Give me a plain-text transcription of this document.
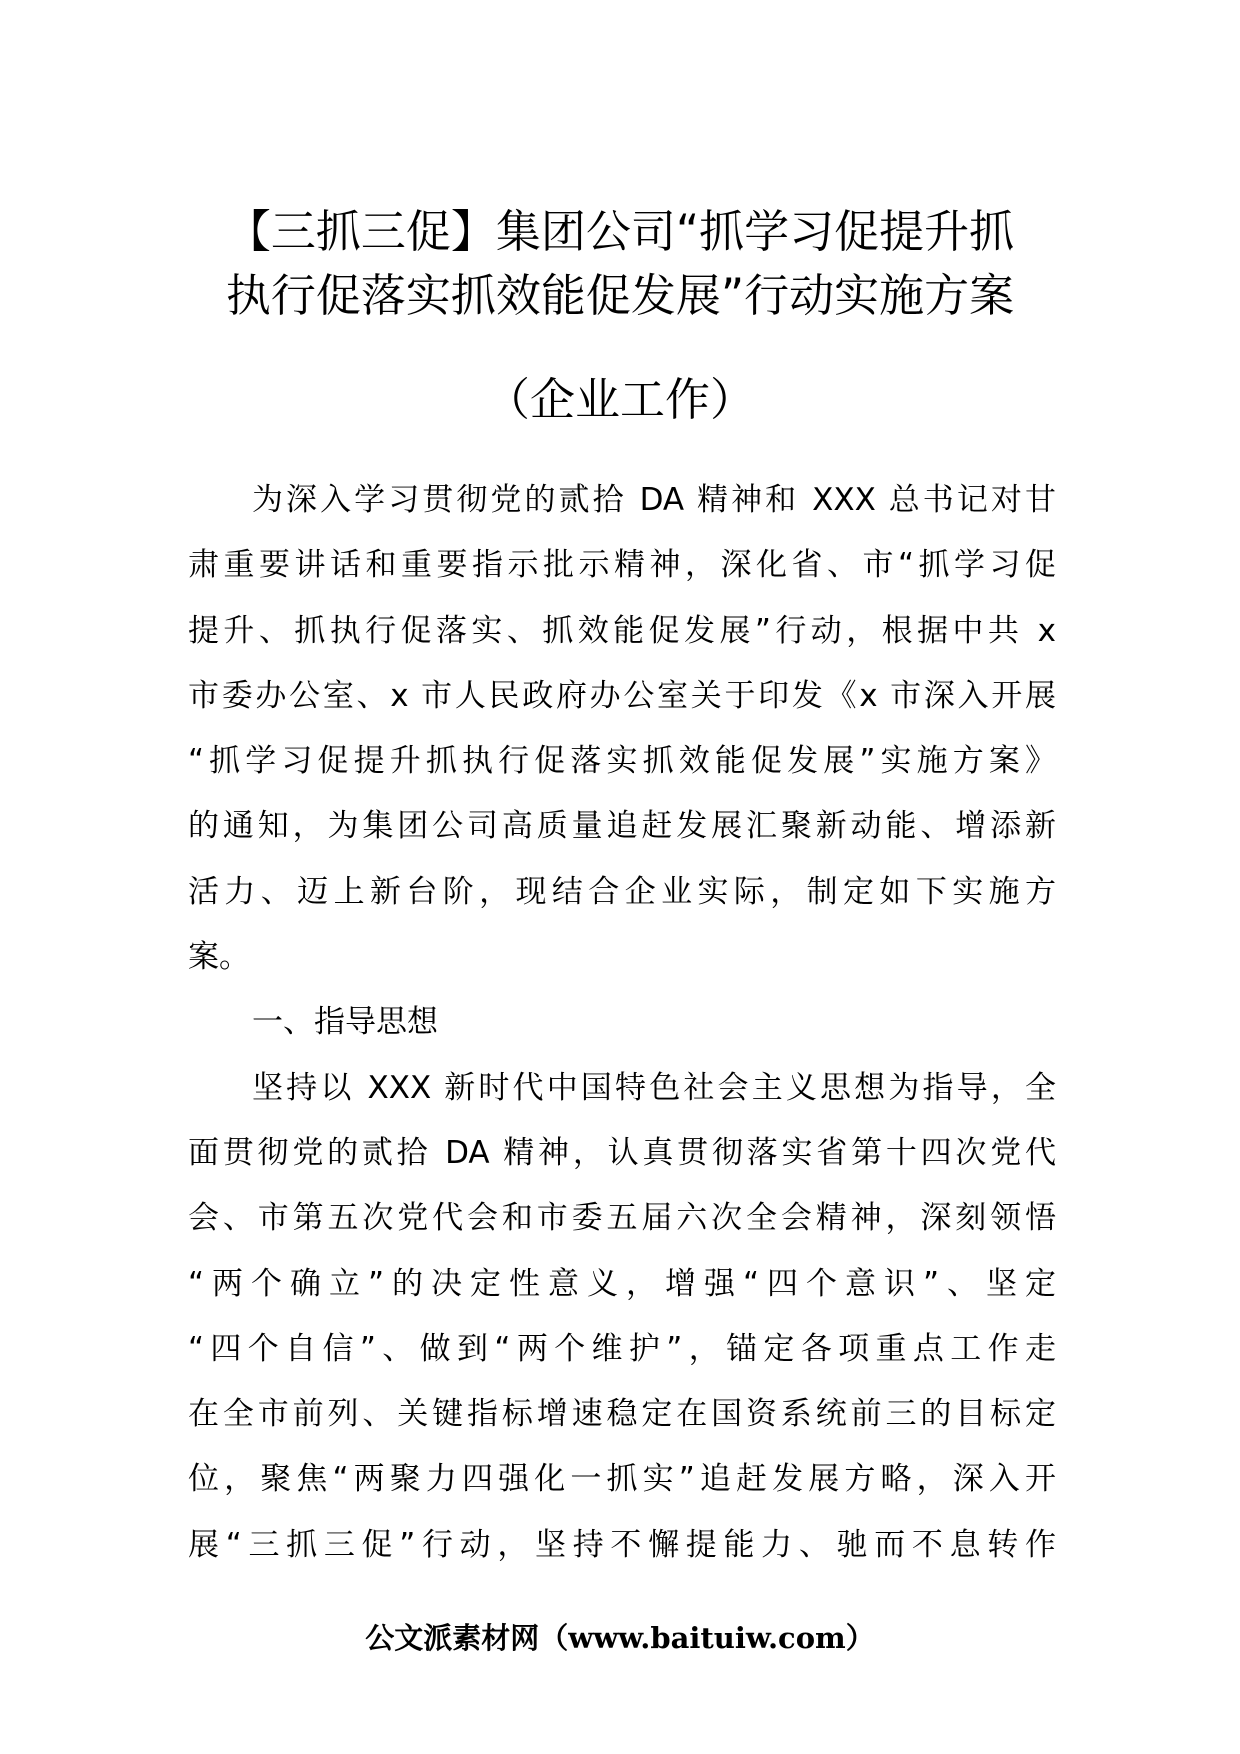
【三抓三促】集团公司“抓学习促提升抓
执行促落实抓效能促发展”行动实施方案
（企业工作）
为深入学习贯彻党的贰拾 DA 精神和 XXX 总书记对甘
肃重要讲话和重要指示批示精神，深化省、市“抓学习促
提升、抓执行促落实、抓效能促发展”行动，根据中共 x
市委办公室、x 市人民政府办公室关于印发《x 市深入开展
“抓学习促提升抓执行促落实抓效能促发展”实施方案》
的通知，为集团公司高质量追赶发展汇聚新动能、增添新
活力、迈上新台阶，现结合企业实际，制定如下实施方
案。
一、指导思想
坚持以 XXX 新时代中国特色社会主义思想为指导，全
面贯彻党的贰拾 DA 精神，认真贯彻落实省第十四次党代
会、市第五次党代会和市委五届六次全会精神，深刻领悟
“两个确立”的决定性意义，增强“四个意识”、坚定
“四个自信”、做到“两个维护”，锚定各项重点工作走
在全市前列、关键指标增速稳定在国资系统前三的目标定
位，聚焦“两聚力四强化一抓实”追赶发展方略，深入开
展“三抓三促”行动，坚持不懈提能力、驰而不息转作
公文派素材网（www.baituiw.com）
